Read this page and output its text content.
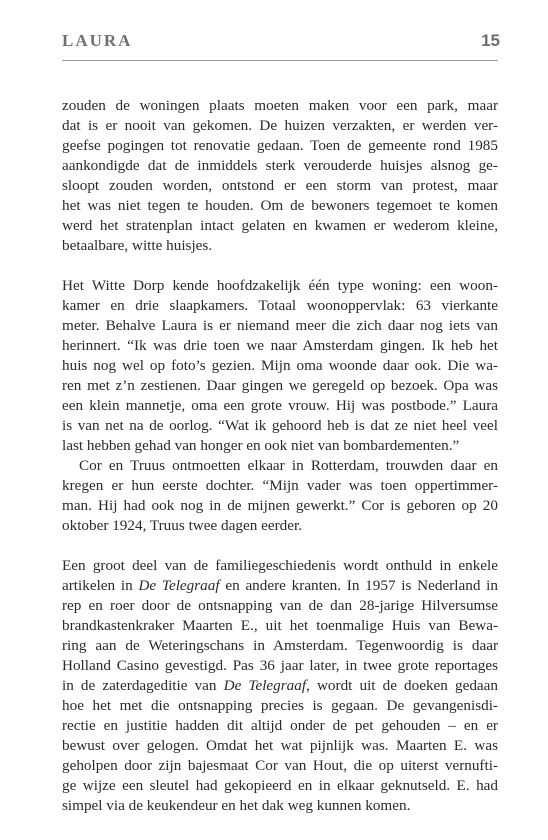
LAURA	15

zouden de woningen plaats moeten maken voor een park, maar
dat is er nooit van gekomen. De huizen verzakten, er werden ver-
geefse pogingen tot renovatie gedaan. Toen de gemeente rond 1985
aankondigde dat de inmiddels sterk verouderde huisjes alsnog ge-
sloopt zouden worden, ontstond er een storm van protest, maar
het was niet tegen te houden. Om de bewoners tegemoet te komen
werd het stratenplan intact gelaten en kwamen er wederom kleine,
betaalbare, witte huisjes.

Het Witte Dorp kende hoofdzakelijk één type woning: een woon-
kamer en drie slaapkamers. Totaal woonoppervlak: 63 vierkante
meter. Behalve Laura is er niemand meer die zich daar nog iets van
herinnert. “Ik was drie toen we naar Amsterdam gingen. Ik heb het
huis nog wel op foto’s gezien. Mijn oma woonde daar ook. Die wa-
ren met z’n zestienen. Daar gingen we geregeld op bezoek. Opa was
een klein mannetje, oma een grote vrouw. Hij was postbode.” Laura
is van net na de oorlog. “Wat ik gehoord heb is dat ze niet heel veel
last hebben gehad van honger en ook niet van bombardementen.”

Cor en Truus ontmoetten elkaar in Rotterdam, trouwden daar en
kregen er hun eerste dochter. “Mijn vader was toen oppertimmer-
man. Hij had ook nog in de mijnen gewerkt.” Cor is geboren op 20
oktober 1924, Truus twee dagen eerder.

Een groot deel van de familiegeschiedenis wordt onthuld in enkele
artikelen in De Telegraaf en andere kranten. In 1957 is Nederland in
rep en roer door de ontsnapping van de dan 28-jarige Hilversumse
brandkastenkraker Maarten E., uit het toenmalige Huis van Bewa-
ring aan de Weteringschans in Amsterdam. Tegenwoordig is daar
Holland Casino gevestigd. Pas 36 jaar later, in twee grote reportages
in de zaterdageditie van De Telegraaf, wordt uit de doeken gedaan
hoe het met die ontsnapping precies is gegaan. De gevangenisdi-
rectie en justitie hadden dit altijd onder de pet gehouden – en er
bewust over gelogen. Omdat het wat pijnlijk was. Maarten E. was
geholpen door zijn bajesmaat Cor van Hout, die op uiterst vernufti-
ge wijze een sleutel had gekopieerd en in elkaar geknutseld. E. had
simpel via de keukendeur en het dak weg kunnen komen.
